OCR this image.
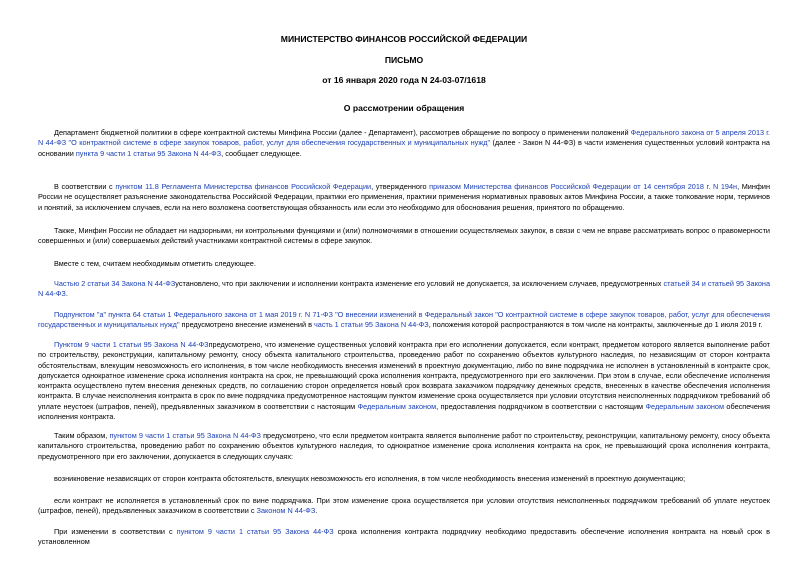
МИНИСТЕРСТВО ФИНАНСОВ РОССИЙСКОЙ ФЕДЕРАЦИИ
ПИСЬМО
от 16 января 2020 года N 24-03-07/1618
О рассмотрении обращения

Департамент бюджетной политики в сфере контрактной системы Минфина России (далее - Департамент), рассмотрев обращение по вопросу о применении положений Федерального закона от 5 апреля 2013 г. N 44-ФЗ "О контрактной системе в сфере закупок товаров, работ, услуг для обеспечения государственных и муниципальных нужд" (далее - Закон N 44-ФЗ) в части изменения существенных условий контракта на основании пункта 9 части 1 статьи 95 Закона N 44-ФЗ, сообщает следующее.

В соответствии с пунктом 11.8 Регламента Министерства финансов Российской Федерации, утвержденного приказом Министерства финансов Российской Федерации от 14 сентября 2018 г. N 194н, Минфин России не осуществляет разъяснение законодательства Российской Федерации, практики его применения, практики применения нормативных правовых актов Минфина России, а также толкование норм, терминов и понятий, за исключением случаев, если на него возложена соответствующая обязанность или если это необходимо для обоснования решения, принятого по обращению.

Также, Минфин России не обладает ни надзорными, ни контрольными функциями и (или) полномочиями в отношении осуществляемых закупок, в связи с чем не вправе рассматривать вопрос о правомерности совершенных и (или) совершаемых действий участниками контрактной системы в сфере закупок.

Вместе с тем, считаем необходимым отметить следующее.

Частью 2 статьи 34 Закона N 44-ФЗустановлено, что при заключении и исполнении контракта изменение его условий не допускается, за исключением случаев, предусмотренных статьей 34 и статьей 95 Закона N 44-ФЗ.

Подпунктом "а" пункта 64 статьи 1 Федерального закона от 1 мая 2019 г. N 71-ФЗ "О внесении изменений в Федеральный закон "О контрактной системе в сфере закупок товаров, работ, услуг для обеспечения государственных и муниципальных нужд" предусмотрено внесение изменений в часть 1 статьи 95 Закона N 44-ФЗ, положения которой распространяются в том числе на контракты, заключенные до 1 июля 2019 г.

Пунктом 9 части 1 статьи 95 Закона N 44-ФЗпредусмотрено, что изменение существенных условий контракта при его исполнении допускается, если контракт, предметом которого является выполнение работ по строительству, реконструкции, капитальному ремонту, сносу объекта капитального строительства, проведению работ по сохранению объектов культурного наследия, по независящим от сторон контракта обстоятельствам, влекущим невозможность его исполнения, в том числе необходимость внесения изменений в проектную документацию, либо по вине подрядчика не исполнен в установленный в контракте срок, допускается однократное изменение срока исполнения контракта на срок, не превышающий срока исполнения контракта, предусмотренного при его заключении. При этом в случае, если обеспечение исполнения контракта осуществлено путем внесения денежных средств, по соглашению сторон определяется новый срок возврата заказчиком подрядчику денежных средств, внесенных в качестве обеспечения исполнения контракта. В случае неисполнения контракта в срок по вине подрядчика предусмотренное настоящим пунктом изменение срока осуществляется при условии отсутствия неисполненных подрядчиком требований об уплате неустоек (штрафов, пеней), предъявленных заказчиком в соответствии с настоящим Федеральным законом, предоставления подрядчиком в соответствии с настоящим Федеральным законом обеспечения исполнения контракта.

Таким образом, пунктом 9 части 1 статьи 95 Закона N 44-ФЗ предусмотрено, что если предметом контракта является выполнение работ по строительству, реконструкции, капитальному ремонту, сносу объекта капитального строительства, проведению работ по сохранению объектов культурного наследия, то однократное изменение срока исполнения контракта на срок, не превышающий срока исполнения контракта, предусмотренного при его заключении, допускается в следующих случаях:

возникновение независящих от сторон контракта обстоятельств, влекущих невозможность его исполнения, в том числе необходимость внесения изменений в проектную документацию;

если контракт не исполняется в установленный срок по вине подрядчика. При этом изменение срока осуществляется при условии отсутствия неисполненных подрядчиком требований об уплате неустоек (штрафов, пеней), предъявленных заказчиком в соответствии с Законом N 44-ФЗ.

При изменении в соответствии с пунктом 9 части 1 статьи 95 Закона 44-ФЗ срока исполнения контракта подрядчику необходимо предоставить обеспечение исполнения контракта на новый срок в установленном
